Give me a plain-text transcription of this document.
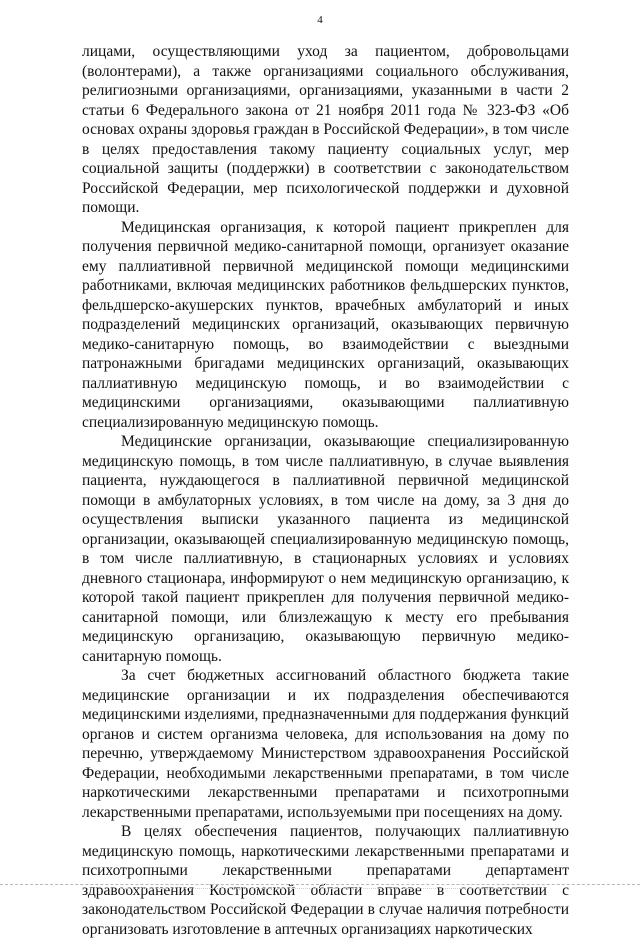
4

лицами, осуществляющими уход за пациентом, добровольцами (волонтерами), а также организациями социального обслуживания, религиозными организациями, организациями, указанными в части 2 статьи 6 Федерального закона от 21 ноября 2011 года № 323-ФЗ «Об основах охраны здоровья граждан в Российской Федерации», в том числе в целях предоставления такому пациенту социальных услуг, мер социальной защиты (поддержки) в соответствии с законодательством Российской Федерации, мер психологической поддержки и духовной помощи.

Медицинская организация, к которой пациент прикреплен для получения первичной медико-санитарной помощи, организует оказание ему паллиативной первичной медицинской помощи медицинскими работниками, включая медицинских работников фельдшерских пунктов, фельдшерско-акушерских пунктов, врачебных амбулаторий и иных подразделений медицинских организаций, оказывающих первичную медико-санитарную помощь, во взаимодействии с выездными патронажными бригадами медицинских организаций, оказывающих паллиативную медицинскую помощь, и во взаимодействии с медицинскими организациями, оказывающими паллиативную специализированную медицинскую помощь.

Медицинские организации, оказывающие специализированную медицинскую помощь, в том числе паллиативную, в случае выявления пациента, нуждающегося в паллиативной первичной медицинской помощи в амбулаторных условиях, в том числе на дому, за 3 дня до осуществления выписки указанного пациента из медицинской организации, оказывающей специализированную медицинскую помощь, в том числе паллиативную, в стационарных условиях и условиях дневного стационара, информируют о нем медицинскую организацию, к которой такой пациент прикреплен для получения первичной медико-санитарной помощи, или близлежащую к месту его пребывания медицинскую организацию, оказывающую первичную медико-санитарную помощь.

За счет бюджетных ассигнований областного бюджета такие медицинские организации и их подразделения обеспечиваются медицинскими изделиями, предназначенными для поддержания функций органов и систем организма человека, для использования на дому по перечню, утверждаемому Министерством здравоохранения Российской Федерации, необходимыми лекарственными препаратами, в том числе наркотическими лекарственными препаратами и психотропными лекарственными препаратами, используемыми при посещениях на дому.

В целях обеспечения пациентов, получающих паллиативную медицинскую помощь, наркотическими лекарственными препаратами и психотропными лекарственными препаратами департамент здравоохранения Костромской области вправе в соответствии с законодательством Российской Федерации в случае наличия потребности организовать изготовление в аптечных организациях наркотических
